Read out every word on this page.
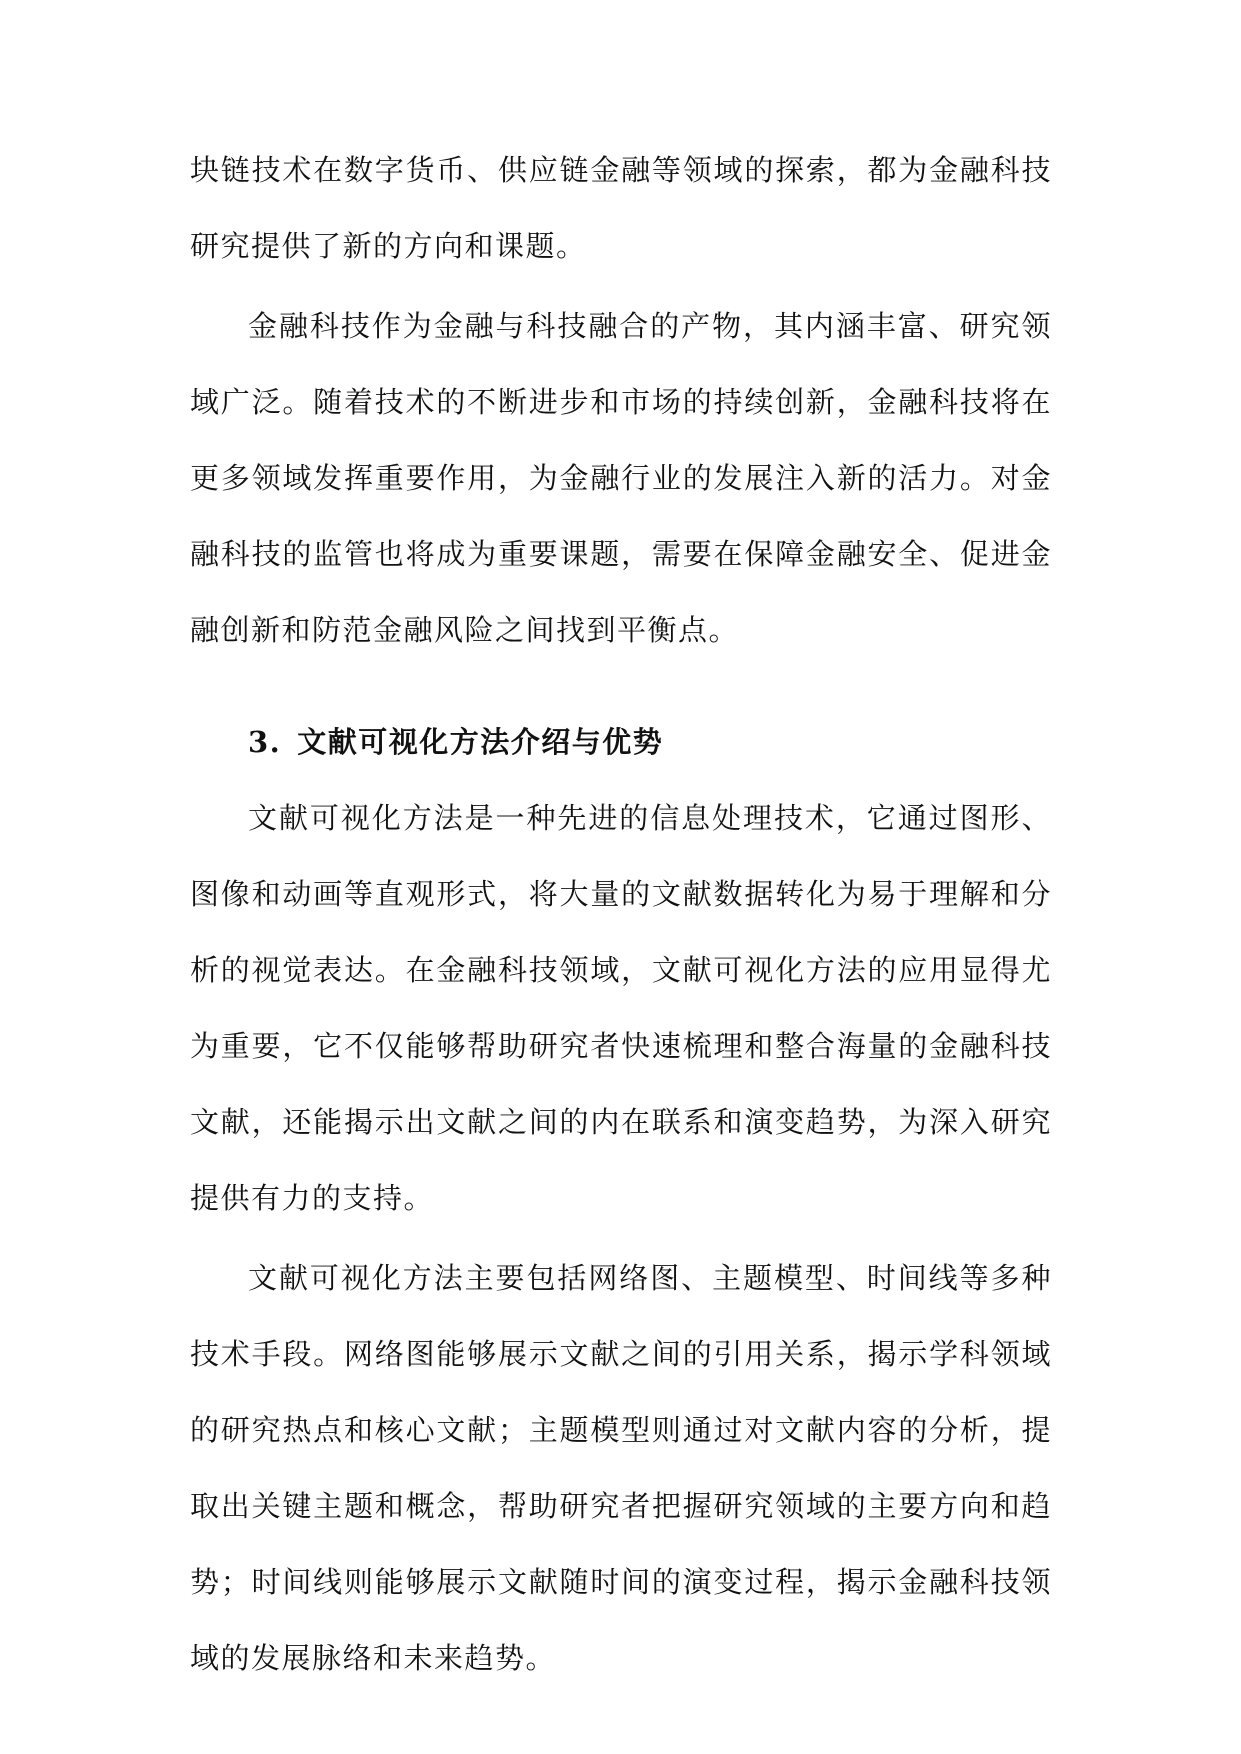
块链技术在数字货币、供应链金融等领域的探索，都为金融科技研究提供了新的方向和课题。

金融科技作为金融与科技融合的产物，其内涵丰富、研究领域广泛。随着技术的不断进步和市场的持续创新，金融科技将在更多领域发挥重要作用，为金融行业的发展注入新的活力。对金融科技的监管也将成为重要课题，需要在保障金融安全、促进金融创新和防范金融风险之间找到平衡点。

3. 文献可视化方法介绍与优势

文献可视化方法是一种先进的信息处理技术，它通过图形、图像和动画等直观形式，将大量的文献数据转化为易于理解和分析的视觉表达。在金融科技领域，文献可视化方法的应用显得尤为重要，它不仅能够帮助研究者快速梳理和整合海量的金融科技文献，还能揭示出文献之间的内在联系和演变趋势，为深入研究提供有力的支持。

文献可视化方法主要包括网络图、主题模型、时间线等多种技术手段。网络图能够展示文献之间的引用关系，揭示学科领域的研究热点和核心文献；主题模型则通过对文献内容的分析，提取出关键主题和概念，帮助研究者把握研究领域的主要方向和趋势；时间线则能够展示文献随时间的演变过程，揭示金融科技领域的发展脉络和未来趋势。
